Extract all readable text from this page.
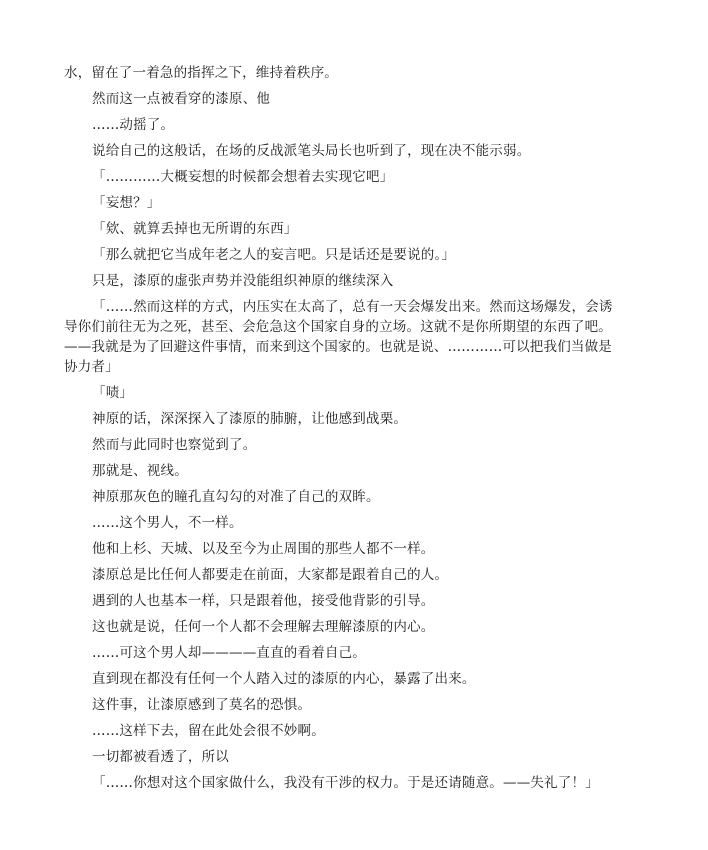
水，留在了一着急的指挥之下，维持着秩序。

然而这一点被看穿的漆原、他

……动摇了。

说给自己的这般话，在场的反战派笔头局长也听到了，现在决不能示弱。

「…………大概妄想的时候都会想着去实现它吧」

「妄想？」

「欸、就算丢掉也无所谓的东西」

「那么就把它当成年老之人的妄言吧。只是话还是要说的。」

只是，漆原的虚张声势并没能组织神原的继续深入

「……然而这样的方式，内压实在太高了，总有一天会爆发出来。然而这场爆发，会诱导你们前往无为之死，甚至、会危急这个国家自身的立场。这就不是你所期望的东西了吧。——我就是为了回避这件事情，而来到这个国家的。也就是说、…………可以把我们当做是协力者」

「啧」

神原的话，深深探入了漆原的肺腑，让他感到战栗。

然而与此同时也察觉到了。

那就是、视线。

神原那灰色的瞳孔直勾勾的对准了自己的双眸。

……这个男人，不一样。

他和上杉、天城、以及至今为止周围的那些人都不一样。

漆原总是比任何人都要走在前面，大家都是跟着自己的人。

遇到的人也基本一样，只是跟着他，接受他背影的引导。

这也就是说，任何一个人都不会理解去理解漆原的内心。

……可这个男人却————直直的看着自己。

直到现在都没有任何一个人踏入过的漆原的内心，暴露了出来。

这件事，让漆原感到了莫名的恐惧。

……这样下去，留在此处会很不妙啊。

一切都被看透了，所以

「……你想对这个国家做什么，我没有干涉的权力。于是还请随意。——失礼了！」
